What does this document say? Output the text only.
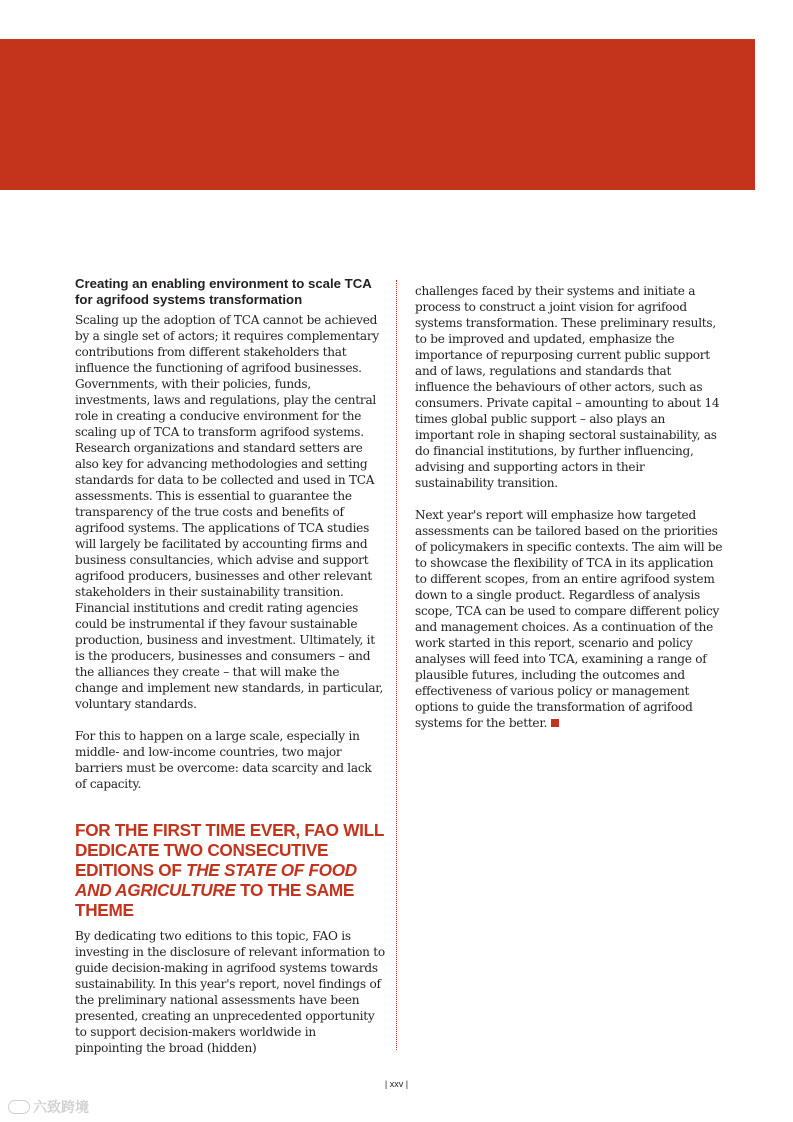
Creating an enabling environment to scale TCA for agrifood systems transformation

Scaling up the adoption of TCA cannot be achieved by a single set of actors; it requires complementary contributions from different stakeholders that influence the functioning of agrifood businesses. Governments, with their policies, funds, investments, laws and regulations, play the central role in creating a conducive environment for the scaling up of TCA to transform agrifood systems. Research organizations and standard setters are also key for advancing methodologies and setting standards for data to be collected and used in TCA assessments. This is essential to guarantee the transparency of the true costs and benefits of agrifood systems. The applications of TCA studies will largely be facilitated by accounting firms and business consultancies, which advise and support agrifood producers, businesses and other relevant stakeholders in their sustainability transition. Financial institutions and credit rating agencies could be instrumental if they favour sustainable production, business and investment. Ultimately, it is the producers, businesses and consumers – and the alliances they create – that will make the change and implement new standards, in particular, voluntary standards.

For this to happen on a large scale, especially in middle- and low-income countries, two major barriers must be overcome: data scarcity and lack of capacity.

FOR THE FIRST TIME EVER, FAO WILL DEDICATE TWO CONSECUTIVE EDITIONS OF THE STATE OF FOOD AND AGRICULTURE TO THE SAME THEME

By dedicating two editions to this topic, FAO is investing in the disclosure of relevant information to guide decision-making in agrifood systems towards sustainability. In this year's report, novel findings of the preliminary national assessments have been presented, creating an unprecedented opportunity to support decision-makers worldwide in pinpointing the broad (hidden)

challenges faced by their systems and initiate a process to construct a joint vision for agrifood systems transformation. These preliminary results, to be improved and updated, emphasize the importance of repurposing current public support and of laws, regulations and standards that influence the behaviours of other actors, such as consumers. Private capital – amounting to about 14 times global public support – also plays an important role in shaping sectoral sustainability, as do financial institutions, by further influencing, advising and supporting actors in their sustainability transition.

Next year's report will emphasize how targeted assessments can be tailored based on the priorities of policymakers in specific contexts. The aim will be to showcase the flexibility of TCA in its application to different scopes, from an entire agrifood system down to a single product. Regardless of analysis scope, TCA can be used to compare different policy and management choices. As a continuation of the work started in this report, scenario and policy analyses will feed into TCA, examining a range of plausible futures, including the outcomes and effectiveness of various policy or management options to guide the transformation of agrifood systems for the better.

| xxv |
六致跨境
